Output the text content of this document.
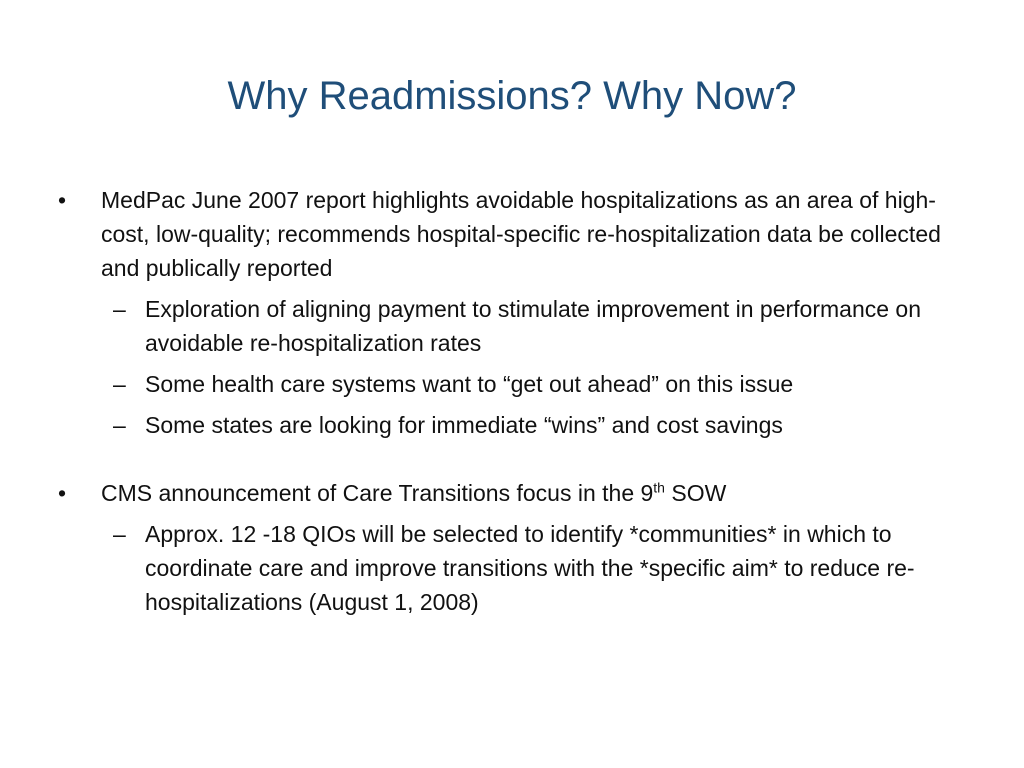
Why Readmissions? Why Now?
•	MedPac June 2007 report highlights avoidable hospitalizations as an area of high-cost, low-quality; recommends hospital-specific re-hospitalization data be collected and publically reported
– Exploration of aligning payment to stimulate improvement in performance on avoidable re-hospitalization rates
– Some health care systems want to “get out ahead” on this issue
– Some states are looking for immediate “wins” and cost savings
•	CMS announcement of Care Transitions focus in the 9th SOW
– Approx. 12 -18 QIOs will be selected to identify *communities* in which to coordinate care and improve transitions with the *specific aim* to reduce re-hospitalizations (August 1, 2008)
